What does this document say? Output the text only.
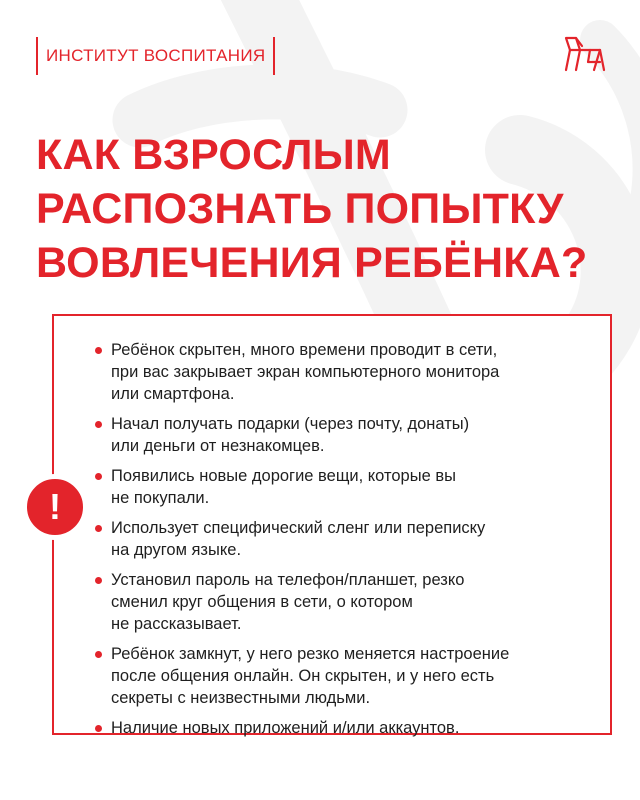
ИНСТИТУТ ВОСПИТАНИЯ
КАК ВЗРОСЛЫМ
РАСПОЗНАТЬ ПОПЫТКУ
ВОВЛЕЧЕНИЯ РЕБЁНКА?
!
Ребёнок скрытен, много времени проводит в сети,
при вас закрывает экран компьютерного монитора
или смартфона.
Начал получать подарки (через почту, донаты)
или деньги от незнакомцев.
Появились новые дорогие вещи, которые вы
не покупали.
Использует специфический сленг или переписку
на другом языке.
Установил пароль на телефон/планшет, резко
сменил круг общения в сети, о котором
не рассказывает.
Ребёнок замкнут, у него резко меняется настроение
после общения онлайн. Он скрытен, и у него есть
секреты с неизвестными людьми.
Наличие новых приложений и/или аккаунтов.
